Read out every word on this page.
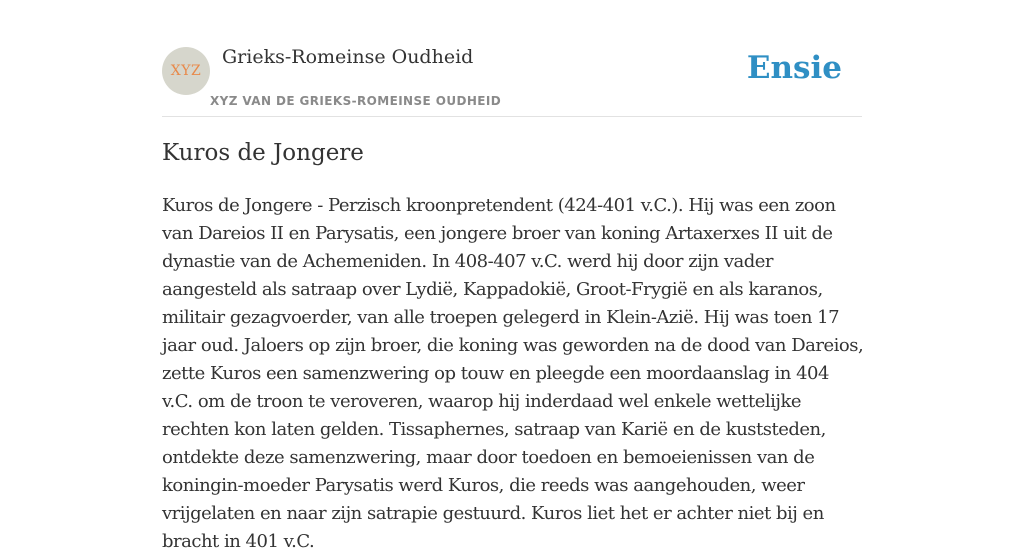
XYZ
Grieks-Romeinse Oudheid
XYZ VAN DE GRIEKS-ROMEINSE OUDHEID
Ensie
Kuros de Jongere

Kuros de Jongere - Perzisch kroonpretendent (424-401 v.C.). Hij was een zoon van Dareios II en Parysatis, een jongere broer van koning Artaxerxes II uit de dynastie van de Achemeniden. In 408-407 v.C. werd hij door zijn vader aangesteld als satraap over Lydië, Kappadokië, Groot-Frygië en als karanos, militair gezagvoerder, van alle troepen gelegerd in Klein-Azië. Hij was toen 17 jaar oud. Jaloers op zijn broer, die koning was geworden na de dood van Dareios, zette Kuros een samenzwering op touw en pleegde een moordaanslag in 404 v.C. om de troon te veroveren, waarop hij inderdaad wel enkele wettelijke rechten kon laten gelden. Tissaphernes, satraap van Karië en de kuststeden, ontdekte deze samenzwering, maar door toedoen en bemoeienissen van de koningin-moeder Parysatis werd Kuros, die reeds was aangehouden, weer vrijgelaten en naar zijn satrapie gestuurd. Kuros liet het er achter niet bij en bracht in 401 v.C.
